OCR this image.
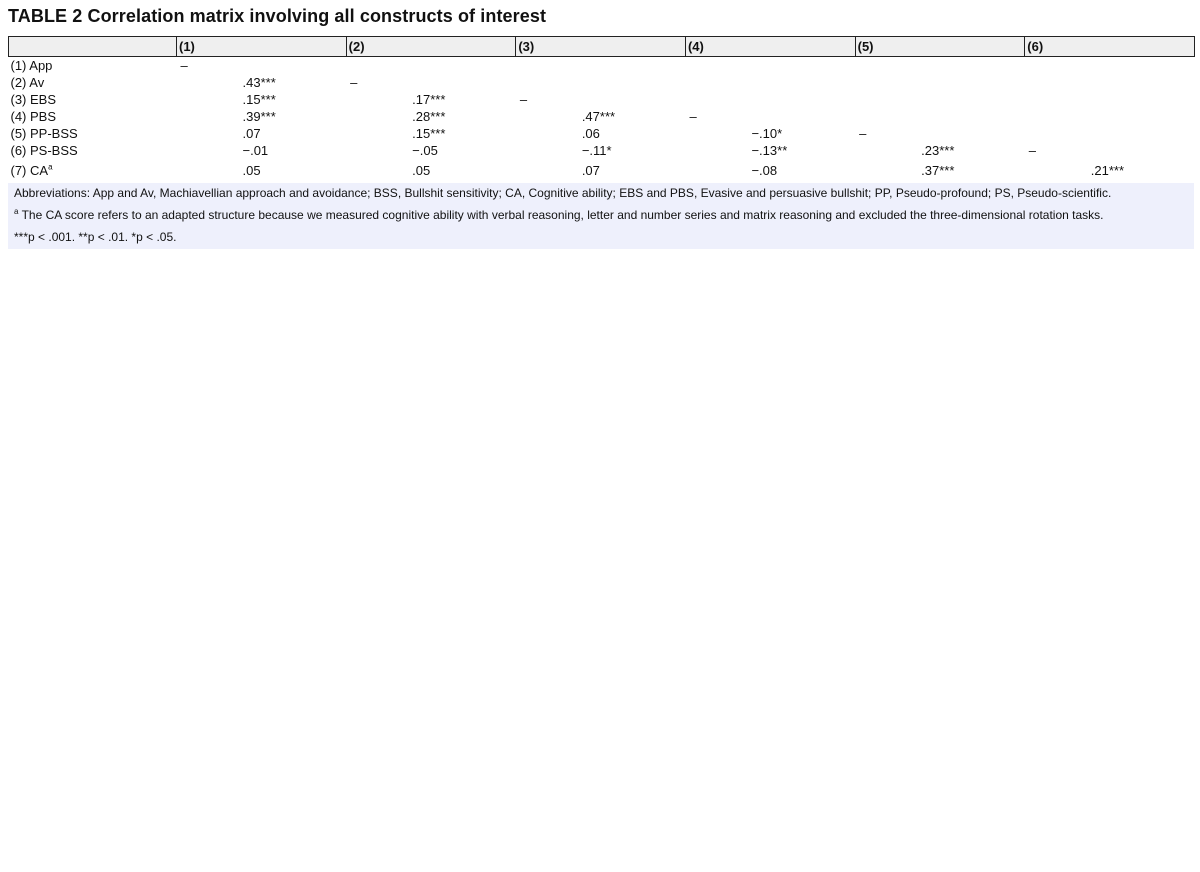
TABLE 2 Correlation matrix involving all constructs of interest
	(1)	(2)	(3)	(4)	(5)	(6)
(1) App	–					
(2) Av	.43***	–				
(3) EBS	.15***	.17***	–			
(4) PBS	.39***	.28***	.47***	–		
(5) PP-BSS	.07	.15***	.06	−.10*	–	
(6) PS-BSS	−.01	−.05	−.11*	−.13**	.23***	–
(7) CA$^a$	.05	.05	.07	−.08	.37***	.21***

Abbreviations: App and Av, Machiavellian approach and avoidance; BSS, Bullshit sensitivity; CA, Cognitive ability; EBS and PBS, Evasive and persuasive bullshit; PP, Pseudo-profound; PS, Pseudo-scientific.

$^a$ The CA score refers to an adapted structure because we measured cognitive ability with verbal reasoning, letter and number series and matrix reasoning and excluded the three-dimensional rotation tasks.

***p < .001. **p < .01. *p < .05.
